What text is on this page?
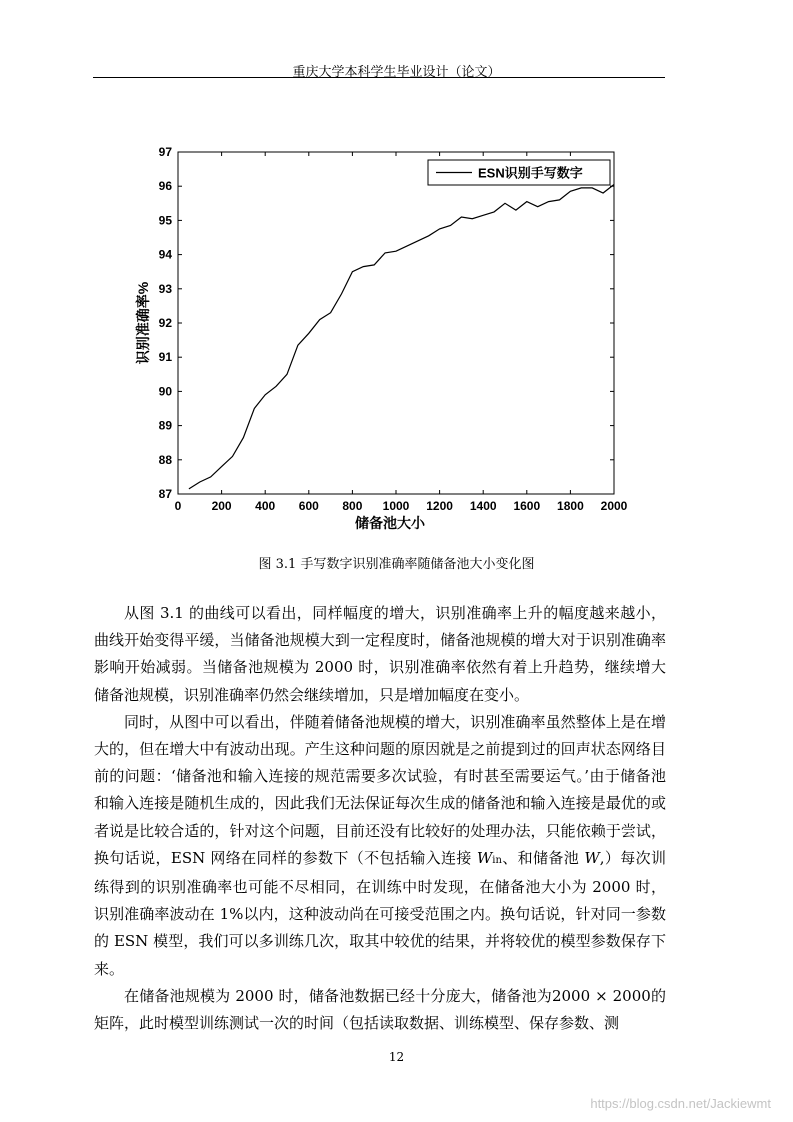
重庆大学本科学生毕业设计（论文）
0	200 400 600 800 1000 1200 1400 1600 1800 2000
87
88
89
90
91
92
93
94
95
96
97
储备池大小
识别准确率%
ESN识别手写数字
图 3.1 手写数字识别准确率随储备池大小变化图

从图 3.1 的曲线可以看出，同样幅度的增大，识别准确率上升的幅度越来越小，曲线开始变得平缓，当储备池规模大到一定程度时，储备池规模的增大对于识别准确率影响开始减弱。当储备池规模为 2000 时，识别准确率依然有着上升趋势，继续增大储备池规模，识别准确率仍然会继续增加，只是增加幅度在变小。

同时，从图中可以看出，伴随着储备池规模的增大，识别准确率虽然整体上是在增大的，但在增大中有波动出现。产生这种问题的原因就是之前提到过的回声状态网络目前的问题：‘储备池和输入连接的规范需要多次试验，有时甚至需要运气。’由于储备池和输入连接是随机生成的，因此我们无法保证每次生成的储备池和输入连接是最优的或者说是比较合适的，针对这个问题，目前还没有比较好的处理办法，只能依赖于尝试，换句话说，ESN 网络在同样的参数下（不包括输入连接 Win、和储备池 W,）每次训练得到的识别准确率也可能不尽相同，在训练中时发现，在储备池大小为 2000 时，识别准确率波动在 1%以内，这种波动尚在可接受范围之内。换句话说，针对同一参数的 ESN 模型，我们可以多训练几次，取其中较优的结果，并将较优的模型参数保存下来。

在储备池规模为 2000 时，储备池数据已经十分庞大，储备池为2000 × 2000的矩阵，此时模型训练测试一次的时间（包括读取数据、训练模型、保存参数、测

12
https://blog.csdn.net/Jackiewmt
